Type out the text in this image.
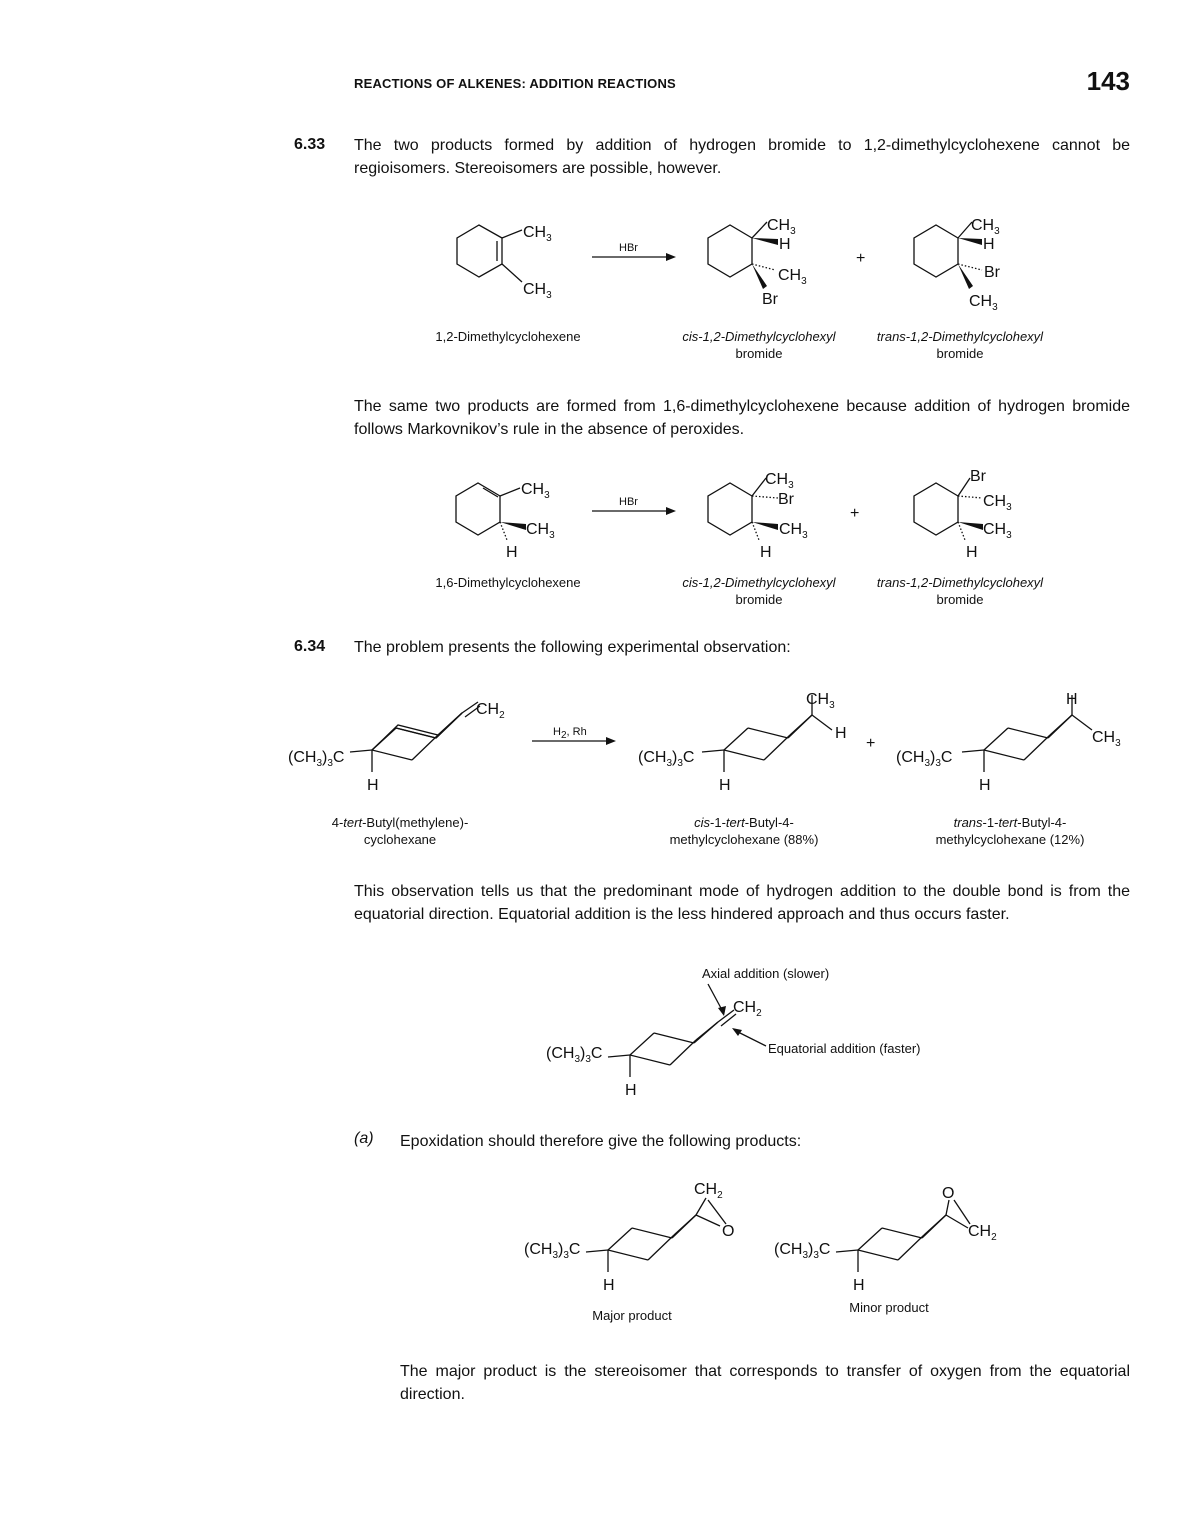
REACTIONS OF ALKENES: ADDITION REACTIONS	143
6.33 The two products formed by addition of hydrogen bromide to 1,2-dimethylcyclohexene cannot be regioisomers. Stereoisomers are possible, however.
$CH_3$
$CH_3$
HBr
$CH_3$
H
$CH_3$
Br
+
$CH_3$
H
Br
$CH_3$
1,2-Dimethylcyclohexene	cis-1,2-Dimethylcyclohexyl
bromide
trans-1,2-Dimethylcyclohexyl
bromide
The same two products are formed from 1,6-dimethylcyclohexene because addition of hydrogen bromide follows Markovnikov’s rule in the absence of peroxides.
$CH_3$
$CH_3$
H
HBr
$CH_3$
Br
$CH_3$
H
+
Br
$CH_3$
$CH_3$
H
1,6-Dimethylcyclohexene	cis-1,2-Dimethylcyclohexyl
bromide
trans-1,2-Dimethylcyclohexyl
bromide
6.34 The problem presents the following experimental observation:
$CH_2$
$(CH_3)_3C$
H
H2, Rh
$CH_3$
H
$(CH_3)_3C$
H
+
H
$CH_3$
$(CH_3)_3C$
H
4-tert-Butyl(methylene)-
cyclohexane
cis-1-tert-Butyl-4-
methylcyclohexane (88%)
trans-1-tert-Butyl-4-
methylcyclohexane (12%)
This observation tells us that the predominant mode of hydrogen addition to the double bond is from the equatorial direction. Equatorial addition is the less hindered approach and thus occurs faster.
Axial addition (slower)
Equatorial addition (faster)
$CH_2$
$(CH_3)_3C$
H
(a) Epoxidation should therefore give the following products:
$CH_2$
O
$(CH_3)_3C$
H
O
$CH_2$
$(CH_3)_3C$
H
Major product
Minor product
The major product is the stereoisomer that corresponds to transfer of oxygen from the equatorial direction.
